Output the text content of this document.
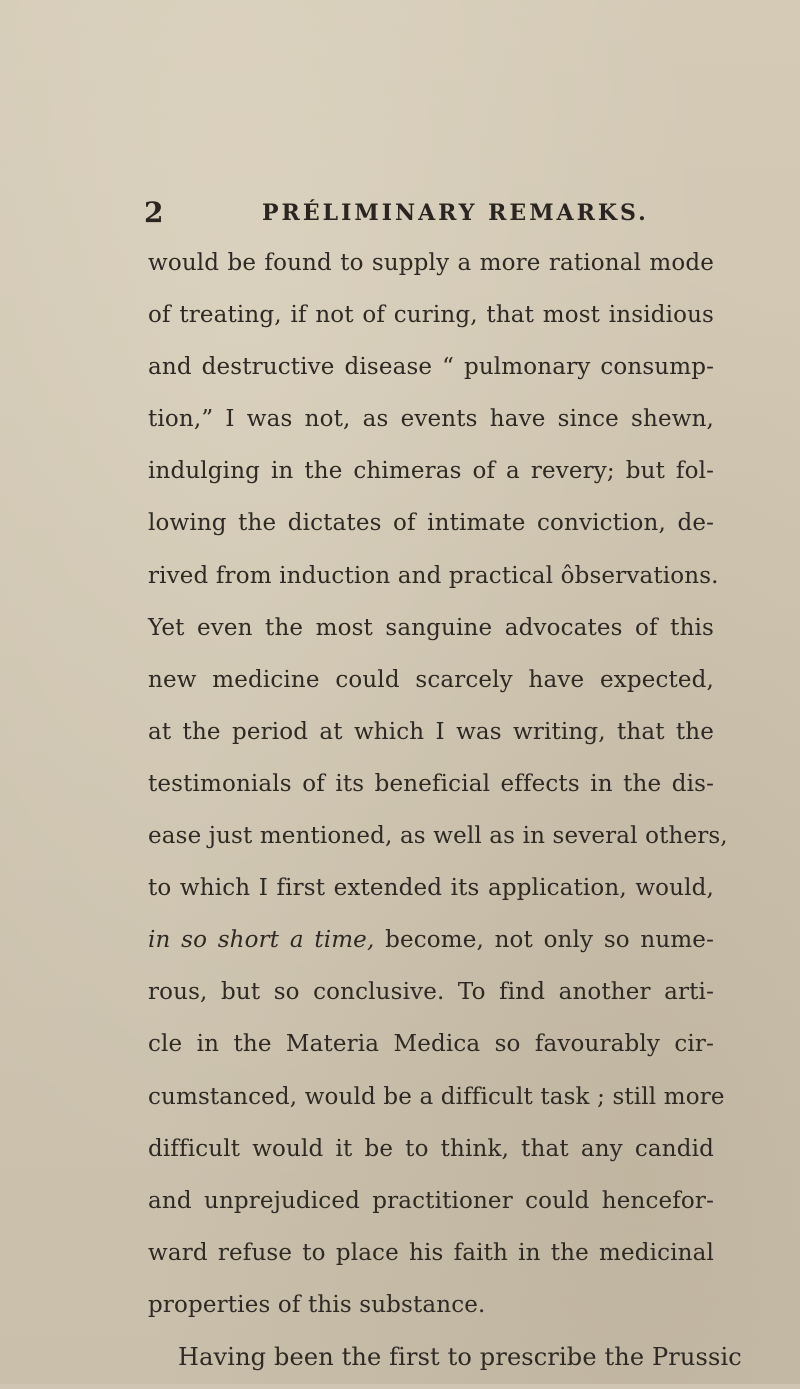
2	PRÉLIMINARY REMARKS.
would be found to supply a more rational mode
of treating, if not of curing, that most insidious
and destructive disease “ pulmonary consump-
tion,” I was not, as events have since shewn,
indulging in the chimeras of a revery; but fol-
lowing the dictates of intimate conviction, de-
rived from induction and practical ôbservations.
Yet even the most sanguine advocates of this
new medicine could scarcely have expected,
at the period at which I was writing, that the
testimonials of its beneficial effects in the dis-
ease just mentioned, as well as in several others,
to which I first extended its application, would,
in so short a time, become, not only so nume-
rous, but so conclusive. To find another arti-
cle in the Materia Medica so favourably cir-
cumstanced, would be a difficult task ; still more
difficult would it be to think, that any candid
and unprejudiced practitioner could hencefor-
ward refuse to place his faith in the medicinal
properties of this substance.
Having been the first to prescribe the Prussic
